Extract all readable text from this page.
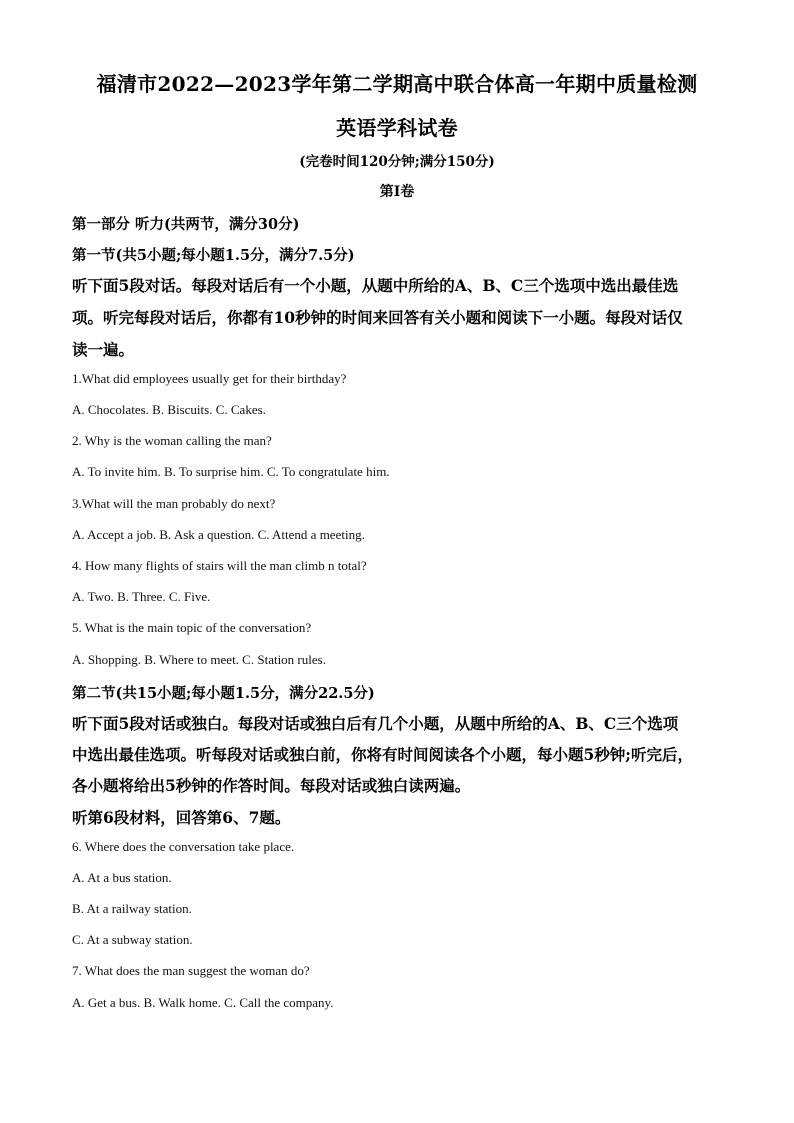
福清市2022—2023学年第二学期高中联合体高一年期中质量检测
英语学科试卷
(完卷时间120分钟;满分150分)
第Ⅰ卷
第一部分 听力(共两节，满分30分)
第一节(共5小题;每小题1.5分，满分7.5分)
听下面5段对话。每段对话后有一个小题，从题中所给的A、B、C三个选项中选出最佳选
项。听完每段对话后，你都有10秒钟的时间来回答有关小题和阅读下一小题。每段对话仅
读一遍。
1.What did employees usually get for their birthday?
A. Chocolates. B. Biscuits. C. Cakes.
2. Why is the woman calling the man?
A. To invite him. B. To surprise him. C. To congratulate him.
3.What will the man probably do next?
A. Accept a job. B. Ask a question. C. Attend a meeting.
4. How many flights of stairs will the man climb n total?
A. Two. B. Three. C. Five.
5. What is the main topic of the conversation?
A. Shopping. B. Where to meet. C. Station rules.
第二节(共15小题;每小题1.5分，满分22.5分)
听下面5段对话或独白。每段对话或独白后有几个小题，从题中所给的A、B、C三个选项
中选出最佳选项。听每段对话或独白前，你将有时间阅读各个小题，每小题5秒钟;听完后，
各小题将给出5秒钟的作答时间。每段对话或独白读两遍。
听第6段材料，回答第6、7题。
6. Where does the conversation take place.
A. At a bus station.
B. At a railway station.
C. At a subway station.
7. What does the man suggest the woman do?
A. Get a bus. B. Walk home. C. Call the company.
